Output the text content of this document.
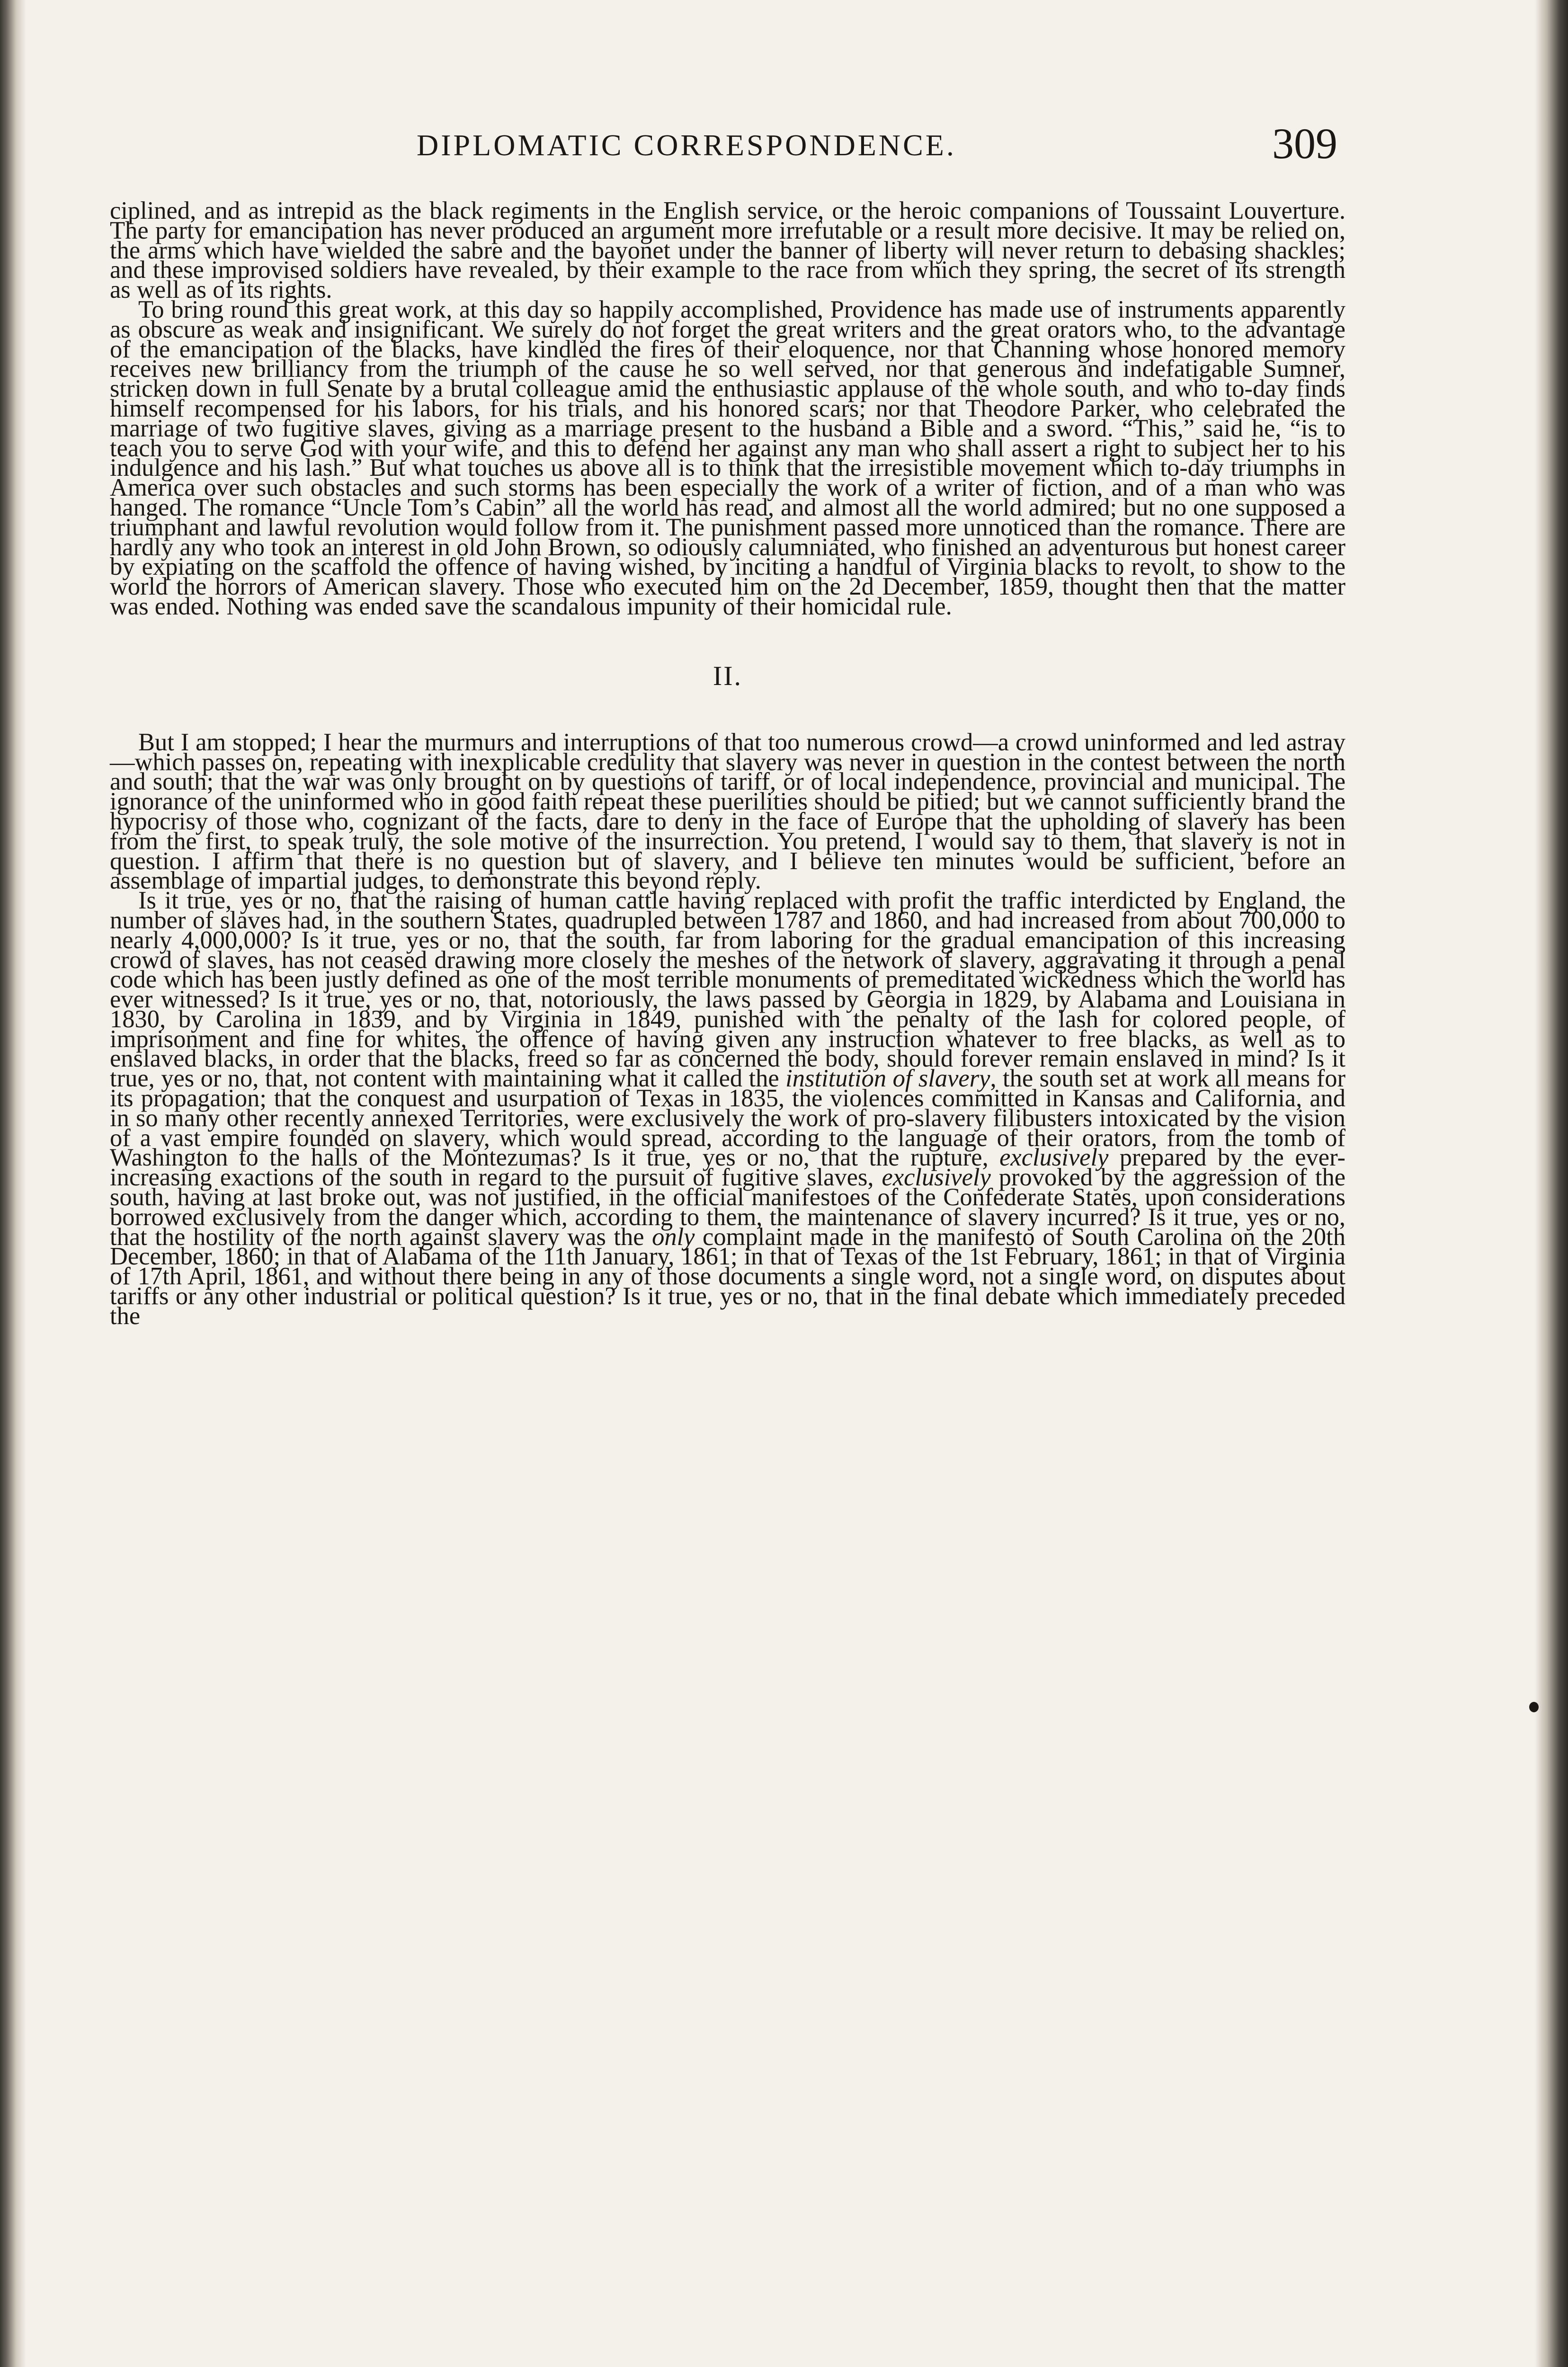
DIPLOMATIC CORRESPONDENCE.	309

ciplined, and as intrepid as the black regiments in the English service, or the heroic companions of Toussaint Louverture. The party for emancipation has never produced an argument more irrefutable or a result more decisive. It may be relied on, the arms which have wielded the sabre and the bayonet under the banner of liberty will never return to debasing shackles; and these improvised soldiers have revealed, by their example to the race from which they spring, the secret of its strength as well as of its rights.

To bring round this great work, at this day so happily accomplished, Providence has made use of instruments apparently as obscure as weak and insignificant. We surely do not forget the great writers and the great orators who, to the advantage of the emancipation of the blacks, have kindled the fires of their eloquence, nor that Channing whose honored memory receives new brilliancy from the triumph of the cause he so well served, nor that generous and indefatigable Sumner, stricken down in full Senate by a brutal colleague amid the enthusiastic applause of the whole south, and who to-day finds himself recompensed for his labors, for his trials, and his honored scars; nor that Theodore Parker, who celebrated the marriage of two fugitive slaves, giving as a marriage present to the husband a Bible and a sword. “This,” said he, “is to teach you to serve God with your wife, and this to defend her against any man who shall assert a right to subject her to his indulgence and his lash.” But what touches us above all is to think that the irresistible movement which to-day triumphs in America over such obstacles and such storms has been especially the work of a writer of fiction, and of a man who was hanged. The romance “Uncle Tom’s Cabin” all the world has read, and almost all the world admired; but no one supposed a triumphant and lawful revolution would follow from it. The punishment passed more unnoticed than the romance. There are hardly any who took an interest in old John Brown, so odiously calumniated, who finished an adventurous but honest career by expiating on the scaffold the offence of having wished, by inciting a handful of Virginia blacks to revolt, to show to the world the horrors of American slavery. Those who executed him on the 2d December, 1859, thought then that the matter was ended. Nothing was ended save the scandalous impunity of their homicidal rule.

II.

But I am stopped; I hear the murmurs and interruptions of that too numerous crowd—a crowd uninformed and led astray—which passes on, repeating with inexplicable credulity that slavery was never in question in the contest between the north and south; that the war was only brought on by questions of tariff, or of local independence, provincial and municipal. The ignorance of the uninformed who in good faith repeat these puerilities should be pitied; but we cannot sufficiently brand the hypocrisy of those who, cognizant of the facts, dare to deny in the face of Europe that the upholding of slavery has been from the first, to speak truly, the sole motive of the insurrection. You pretend, I would say to them, that slavery is not in question. I affirm that there is no question but of slavery, and I believe ten minutes would be sufficient, before an assemblage of impartial judges, to demonstrate this beyond reply.

Is it true, yes or no, that the raising of human cattle having replaced with profit the traffic interdicted by England, the number of slaves had, in the southern States, quadrupled between 1787 and 1860, and had increased from about 700,000 to nearly 4,000,000? Is it true, yes or no, that the south, far from laboring for the gradual emancipation of this increasing crowd of slaves, has not ceased drawing more closely the meshes of the network of slavery, aggravating it through a penal code which has been justly defined as one of the most terrible monuments of premeditated wickedness which the world has ever witnessed? Is it true, yes or no, that, notoriously, the laws passed by Georgia in 1829, by Alabama and Louisiana in 1830, by Carolina in 1839, and by Virginia in 1849, punished with the penalty of the lash for colored people, of imprisonment and fine for whites, the offence of having given any instruction whatever to free blacks, as well as to enslaved blacks, in order that the blacks, freed so far as concerned the body, should forever remain enslaved in mind? Is it true, yes or no, that, not content with maintaining what it called the institution of slavery, the south set at work all means for its propagation; that the conquest and usurpation of Texas in 1835, the violences committed in Kansas and California, and in so many other recently annexed Territories, were exclusively the work of pro-slavery filibusters intoxicated by the vision of a vast empire founded on slavery, which would spread, according to the language of their orators, from the tomb of Washington to the halls of the Montezumas? Is it true, yes or no, that the rupture, exclusively prepared by the ever-increasing exactions of the south in regard to the pursuit of fugitive slaves, exclusively provoked by the aggression of the south, having at last broke out, was not justified, in the official manifestoes of the Confederate States, upon considerations borrowed exclusively from the danger which, according to them, the maintenance of slavery incurred? Is it true, yes or no, that the hostility of the north against slavery was the only complaint made in the manifesto of South Carolina on the 20th December, 1860; in that of Alabama of the 11th January, 1861; in that of Texas of the 1st February, 1861; in that of Virginia of 17th April, 1861, and without there being in any of those documents a single word, not a single word, on disputes about tariffs or any other industrial or political question? Is it true, yes or no, that in the final debate which immediately preceded the
